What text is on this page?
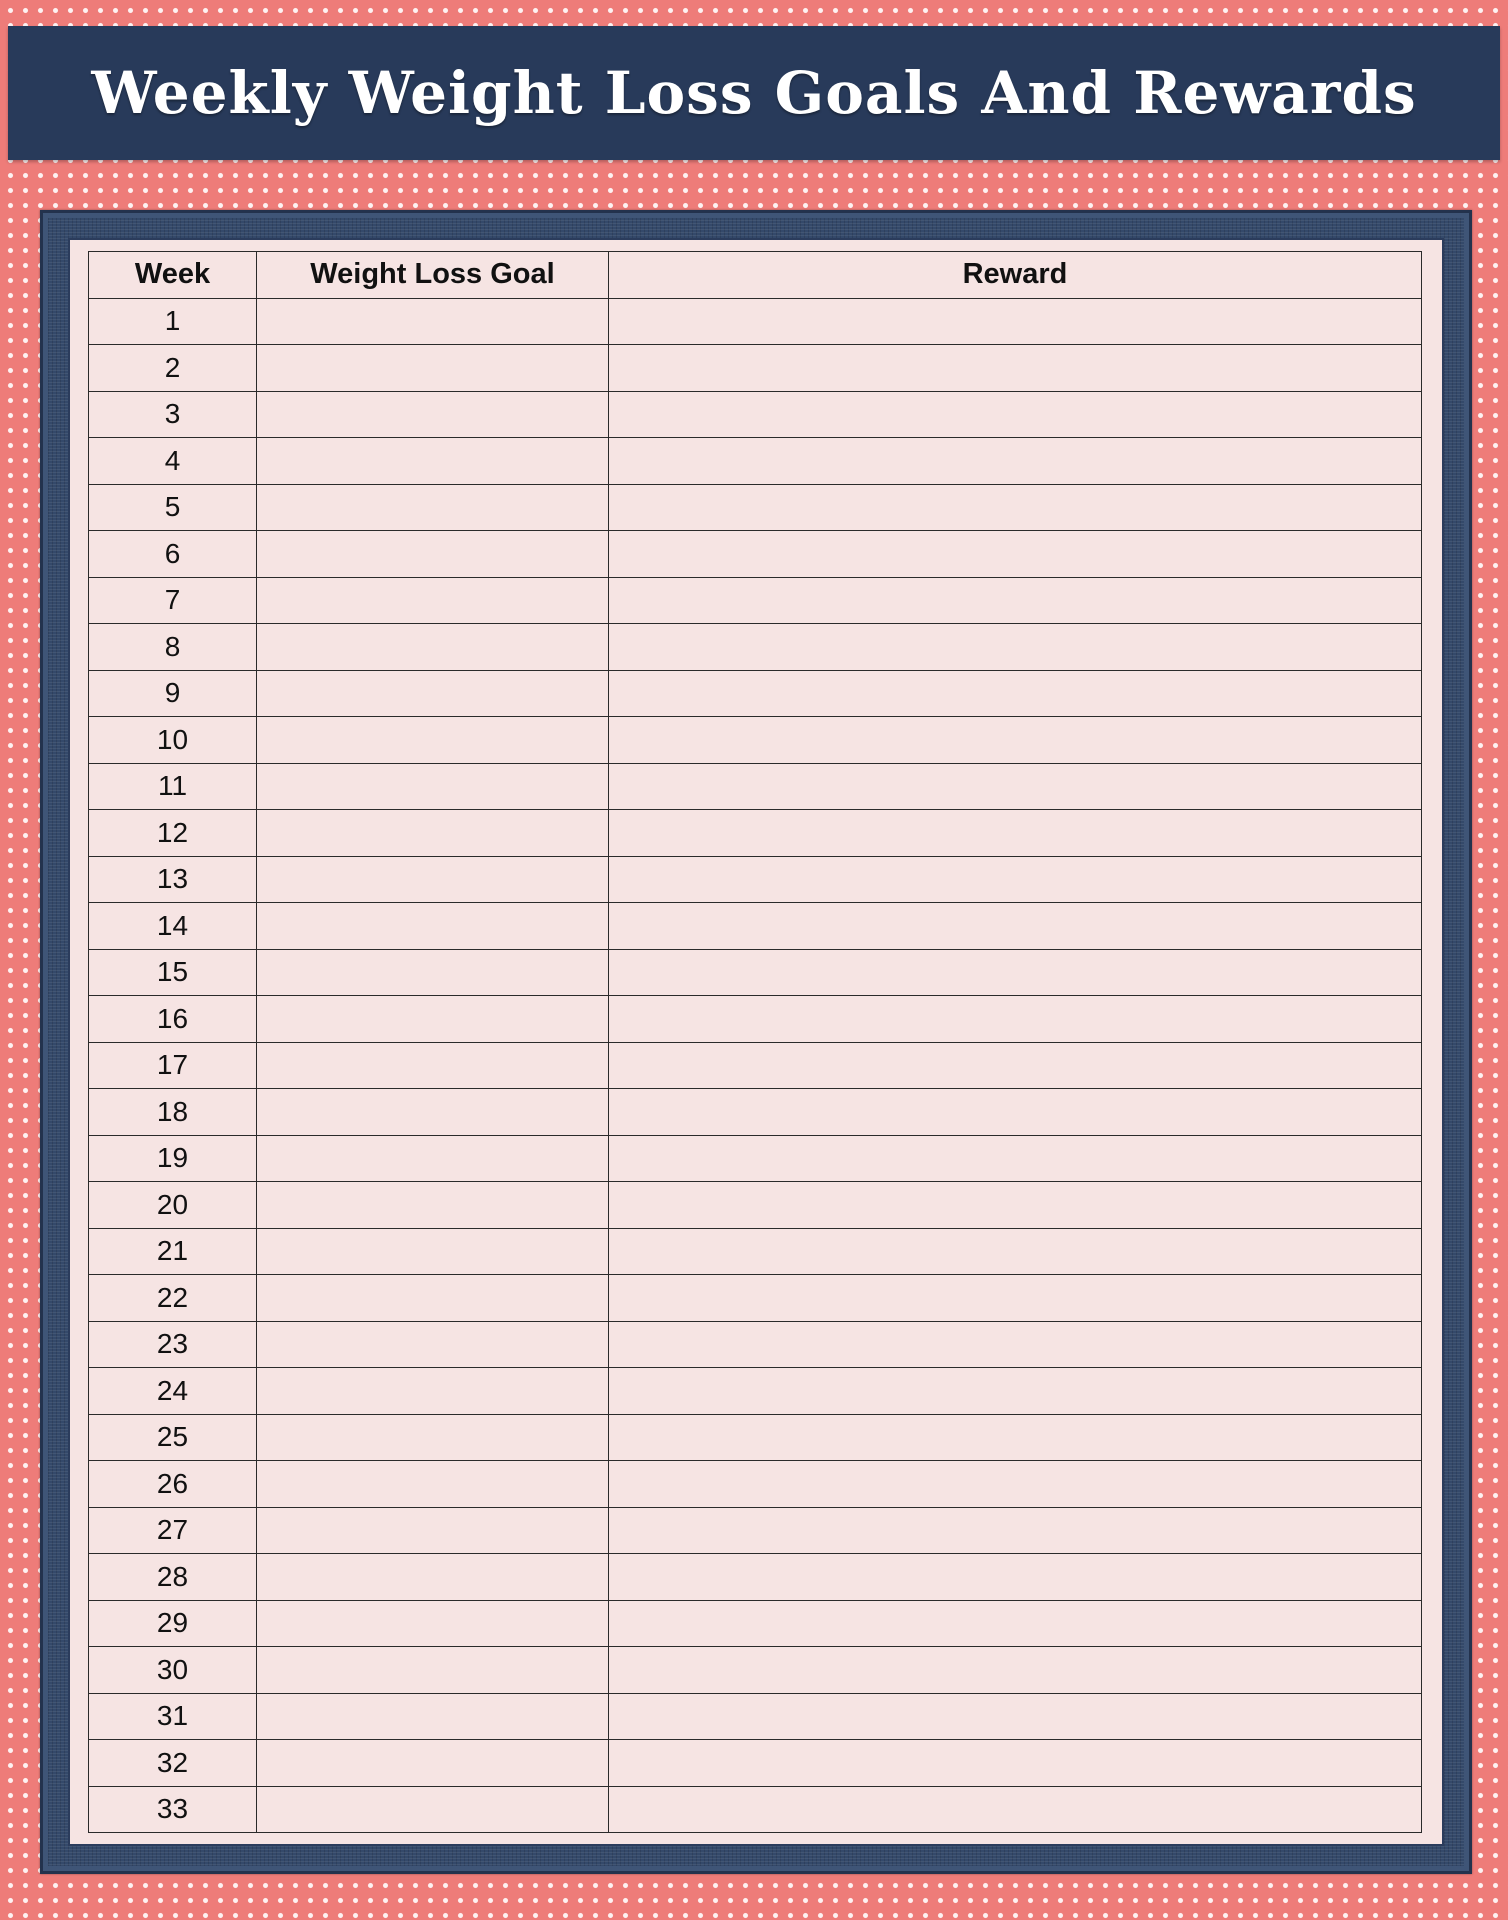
Weekly Weight Loss Goals And Rewards
Week	Weight Loss Goal	Reward
1		
2		
3		
4		
5		
6		
7		
8		
9		
10		
11		
12		
13		
14		
15		
16		
17		
18		
19		
20		
21		
22		
23		
24		
25		
26		
27		
28		
29		
30		
31		
32		
33		
